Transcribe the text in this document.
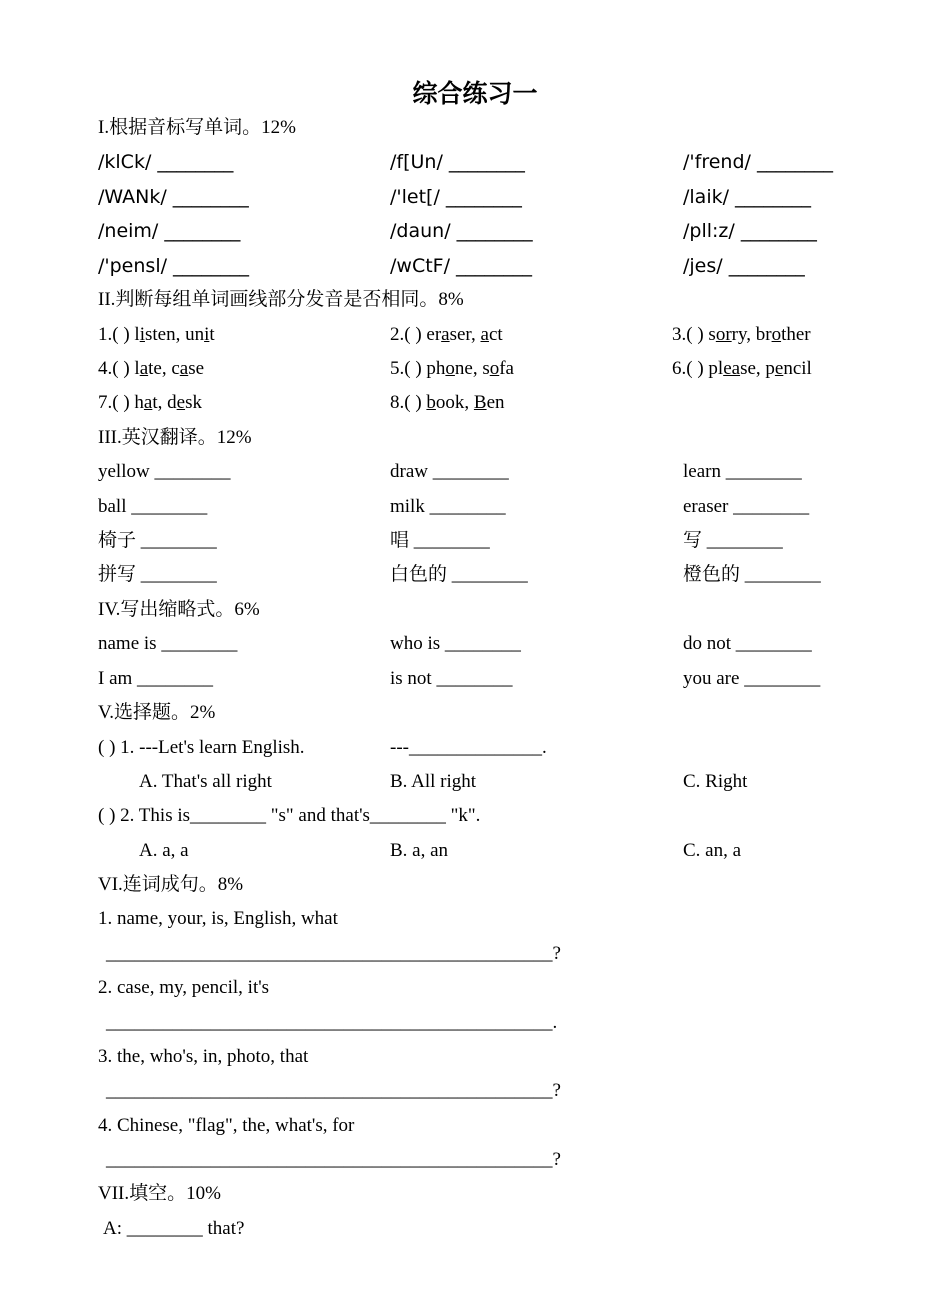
综合练习一
I.根据音标写单词。12%
/klCk/ ________	/f[Un/ ________	/'frend/ ________
/WANk/ ________	/'let[/ ________	/laik/ ________
/neim/ ________	/daun/ ________	/pll:z/ ________
/'pensl/ ________	/wCtF/ ________	/jes/ ________
II.判断每组单词画线部分发音是否相同。8%
1.( ) listen, unit	2.( ) eraser, act	3.( ) sorry, brother
4.( ) late, case	5.( ) phone, sofa	6.( ) please, pencil
7.( ) hat, desk	8.( ) book, Ben
III.英汉翻译。12%
yellow ________	draw ________	learn ________
ball ________	milk ________	eraser ________
椅子 ________	唱 ________	写 ________
拼写 ________	白色的 ________	橙色的 ________
IV.写出缩略式。6%
name is ________	who is ________	do not ________
I am ________	is not ________	you are ________
V.选择题。2%
( ) 1. ---Let's learn English.	---______________.
A. That's all right	B. All right	C. Right
( ) 2. This is________ "s" and that's________ "k".
A. a, a	B. a, an	C. an, a
VI.连词成句。8%
1. name, your, is, English, what
_______________________________________________?
2. case, my, pencil, it's
_______________________________________________.
3. the, who's, in, photo, that
_______________________________________________?
4. Chinese, "flag", the, what's, for
_______________________________________________?
VII.填空。10%
A: ________ that?
